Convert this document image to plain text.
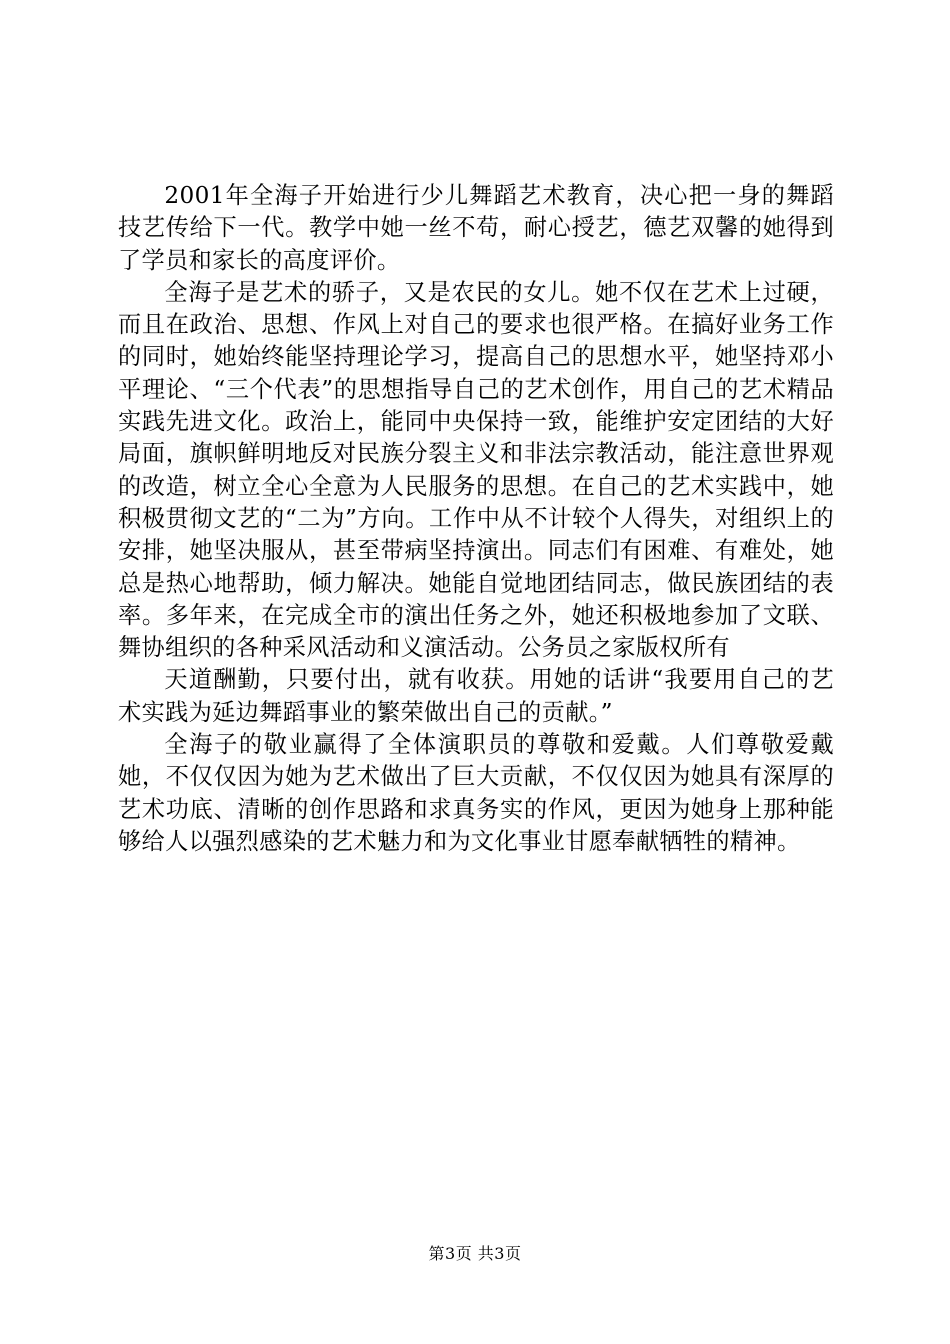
2001年全海子开始进行少儿舞蹈艺术教育，决心把一身的舞蹈技艺传给下一代。教学中她一丝不苟，耐心授艺，德艺双馨的她得到了学员和家长的高度评价。

全海子是艺术的骄子，又是农民的女儿。她不仅在艺术上过硬，而且在政治、思想、作风上对自己的要求也很严格。在搞好业务工作的同时，她始终能坚持理论学习，提高自己的思想水平，她坚持邓小平理论、“三个代表”的思想指导自己的艺术创作，用自己的艺术精品实践先进文化。政治上，能同中央保持一致，能维护安定团结的大好局面，旗帜鲜明地反对民族分裂主义和非法宗教活动，能注意世界观的改造，树立全心全意为人民服务的思想。在自己的艺术实践中，她积极贯彻文艺的“二为”方向。工作中从不计较个人得失，对组织上的安排，她坚决服从，甚至带病坚持演出。同志们有困难、有难处，她总是热心地帮助，倾力解决。她能自觉地团结同志，做民族团结的表率。多年来，在完成全市的演出任务之外，她还积极地参加了文联、舞协组织的各种采风活动和义演活动。公务员之家版权所有

天道酬勤，只要付出，就有收获。用她的话讲“我要用自己的艺术实践为延边舞蹈事业的繁荣做出自己的贡献。”

全海子的敬业赢得了全体演职员的尊敬和爱戴。人们尊敬爱戴她，不仅仅因为她为艺术做出了巨大贡献，不仅仅因为她具有深厚的艺术功底、清晰的创作思路和求真务实的作风，更因为她身上那种能够给人以强烈感染的艺术魅力和为文化事业甘愿奉献牺牲的精神。

第3页 共3页
